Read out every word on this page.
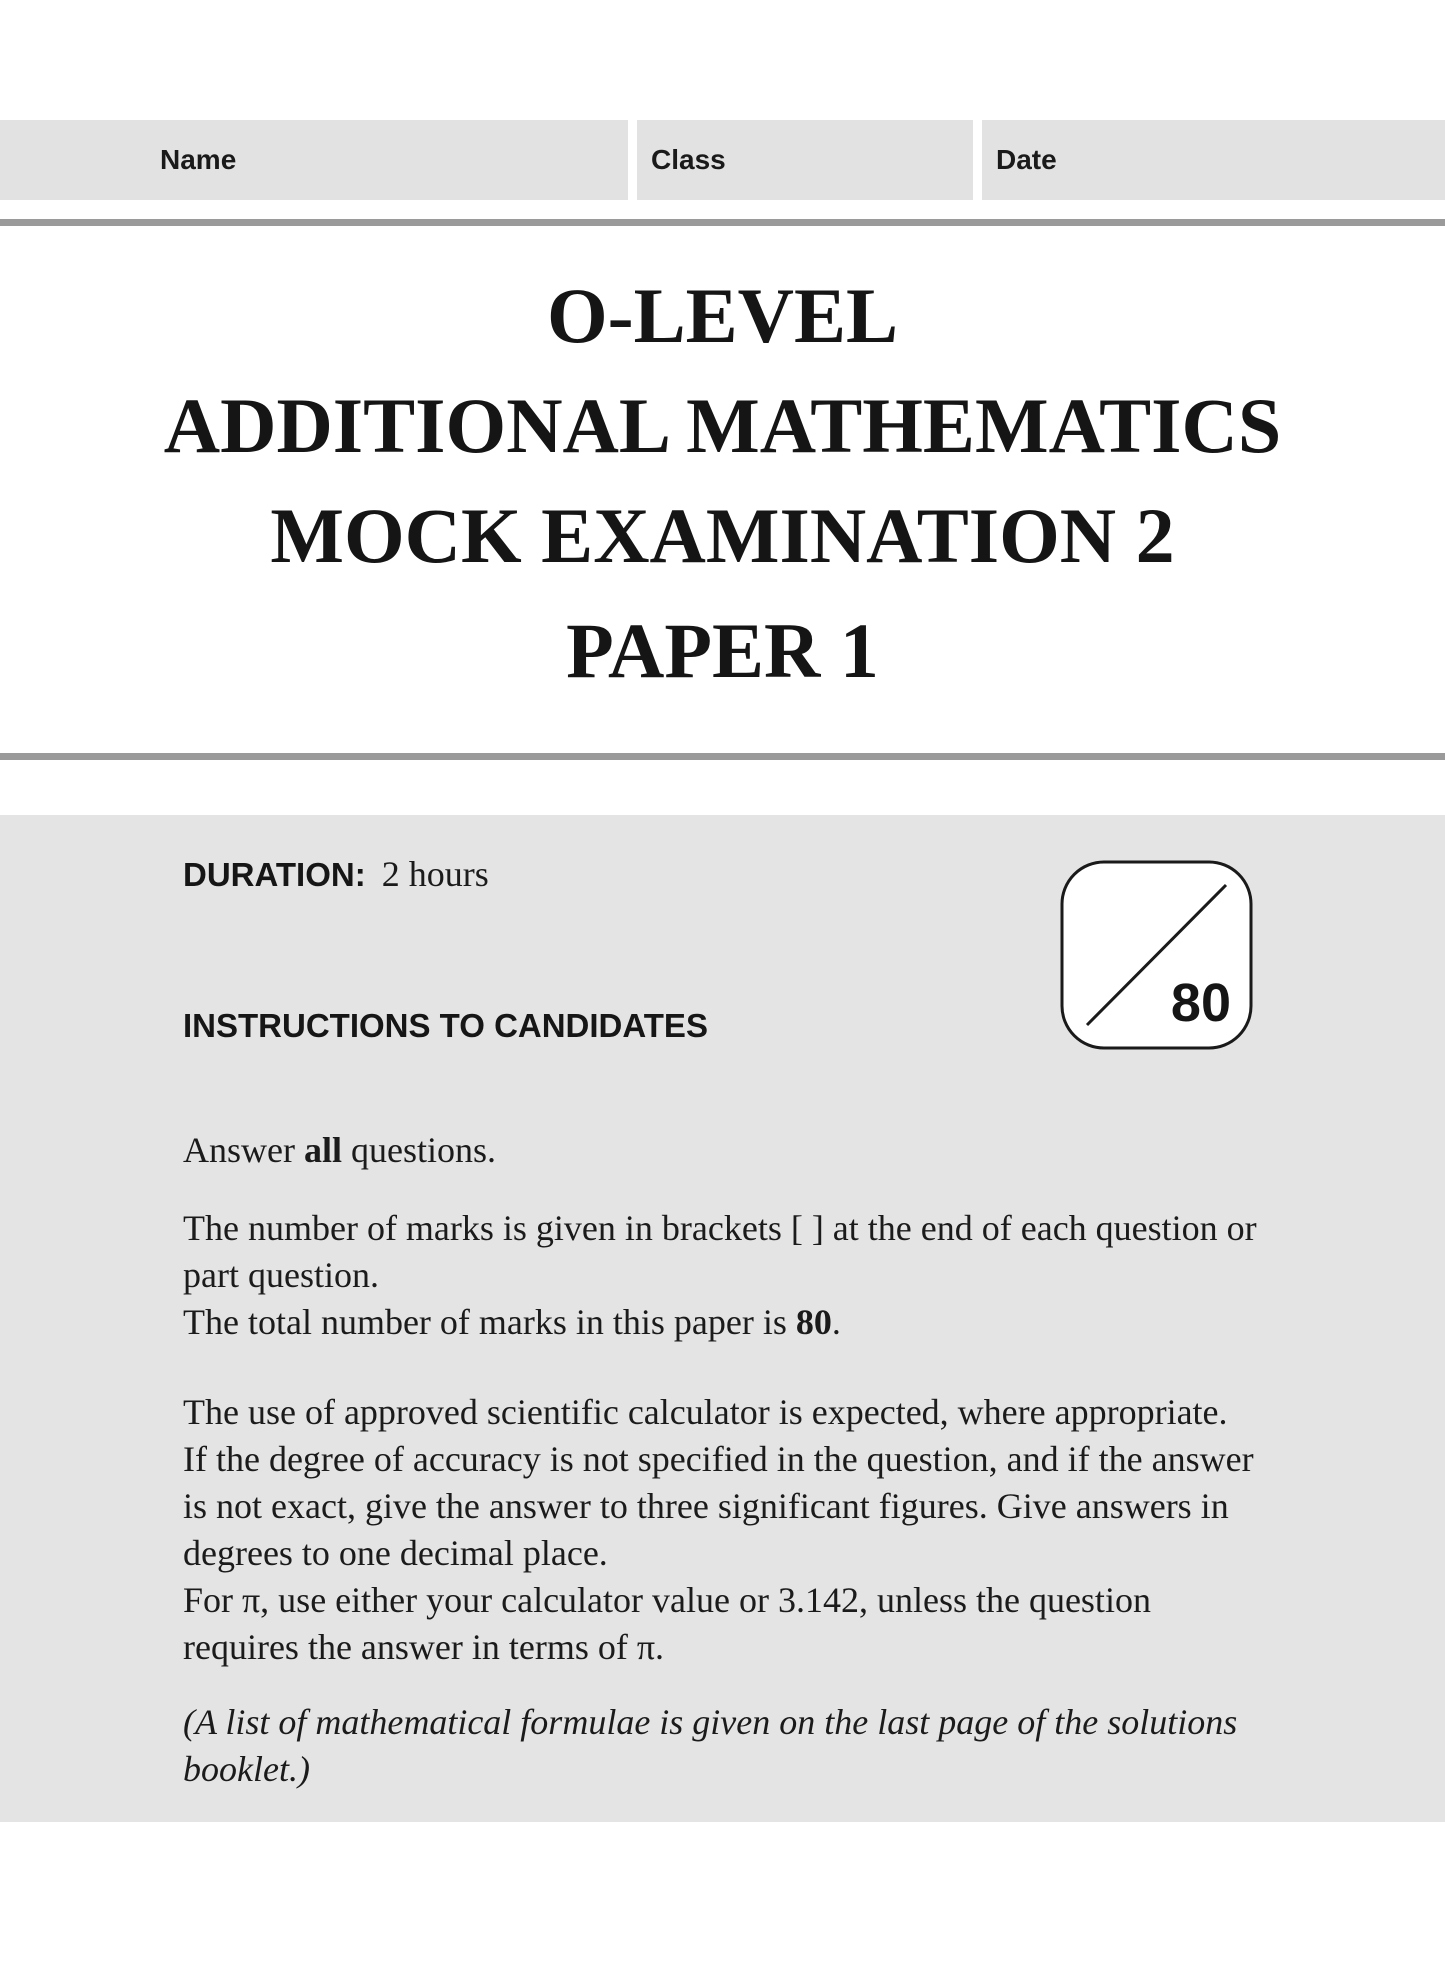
Name	Class	Date
O-LEVEL
ADDITIONAL MATHEMATICS
MOCK EXAMINATION 2
PAPER 1
DURATION: 2 hours
80
INSTRUCTIONS TO CANDIDATES
Answer all questions.
The number of marks is given in brackets [ ] at the end of each question or
part question.
The total number of marks in this paper is 80.
The use of approved scientific calculator is expected, where appropriate.
If the degree of accuracy is not specified in the question, and if the answer
is not exact, give the answer to three significant figures. Give answers in
degrees to one decimal place.
For π, use either your calculator value or 3.142, unless the question
requires the answer in terms of π.
(A list of mathematical formulae is given on the last page of the solutions
booklet.)
